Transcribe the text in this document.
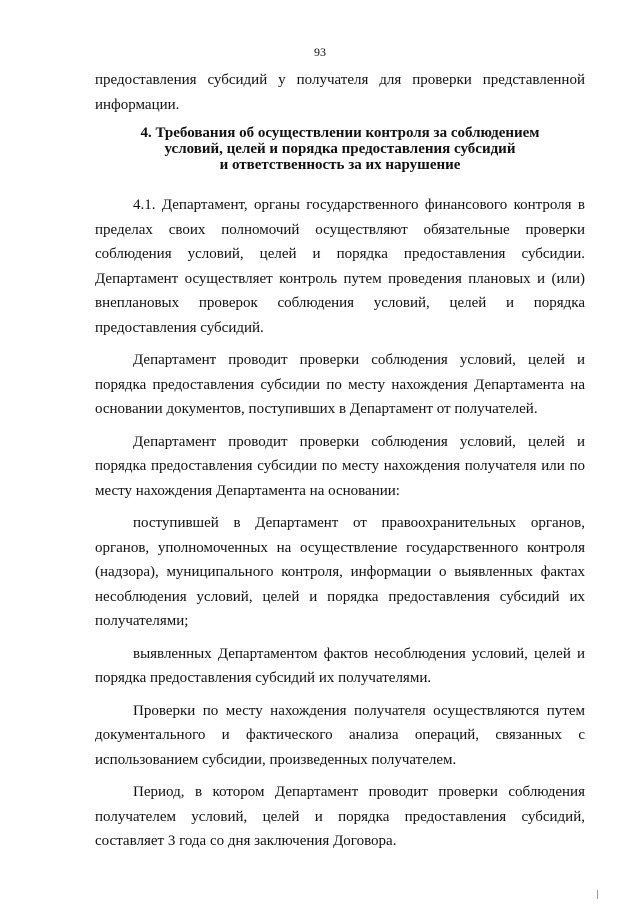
93

предоставления субсидий у получателя для проверки представленной информации.

4. Требования об осуществлении контроля за соблюдением
условий, целей и порядка предоставления субсидий
и ответственность за их нарушение

4.1. Департамент, органы государственного финансового контроля в пределах своих полномочий осуществляют обязательные проверки соблюдения условий, целей и порядка предоставления субсидии. Департамент осуществляет контроль путем проведения плановых и (или) внеплановых проверок соблюдения условий, целей и порядка предоставления субсидий.

Департамент проводит проверки соблюдения условий, целей и порядка предоставления субсидии по месту нахождения Департамента на основании документов, поступивших в Департамент от получателей.

Департамент проводит проверки соблюдения условий, целей и порядка предоставления субсидии по месту нахождения получателя или по месту нахождения Департамента на основании:

поступившей в Департамент от правоохранительных органов, органов, уполномоченных на осуществление государственного контроля (надзора), муниципального контроля, информации о выявленных фактах несоблюдения условий, целей и порядка предоставления субсидий их получателями;

выявленных Департаментом фактов несоблюдения условий, целей и порядка предоставления субсидий их получателями.

Проверки по месту нахождения получателя осуществляются путем документального и фактического анализа операций, связанных с использованием субсидии, произведенных получателем.

Период, в котором Департамент проводит проверки соблюдения получателем условий, целей и порядка предоставления субсидий, составляет 3 года со дня заключения Договора.
